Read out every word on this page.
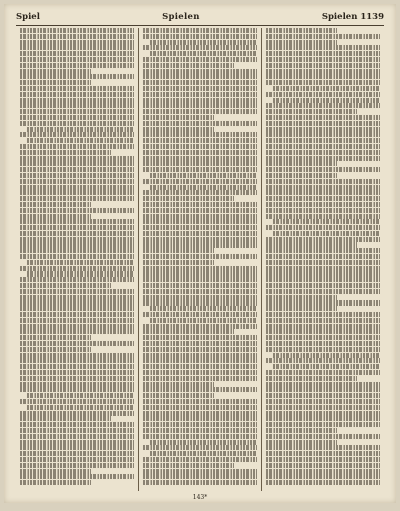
Spiel	Spielen	Spielen 1139
143*
